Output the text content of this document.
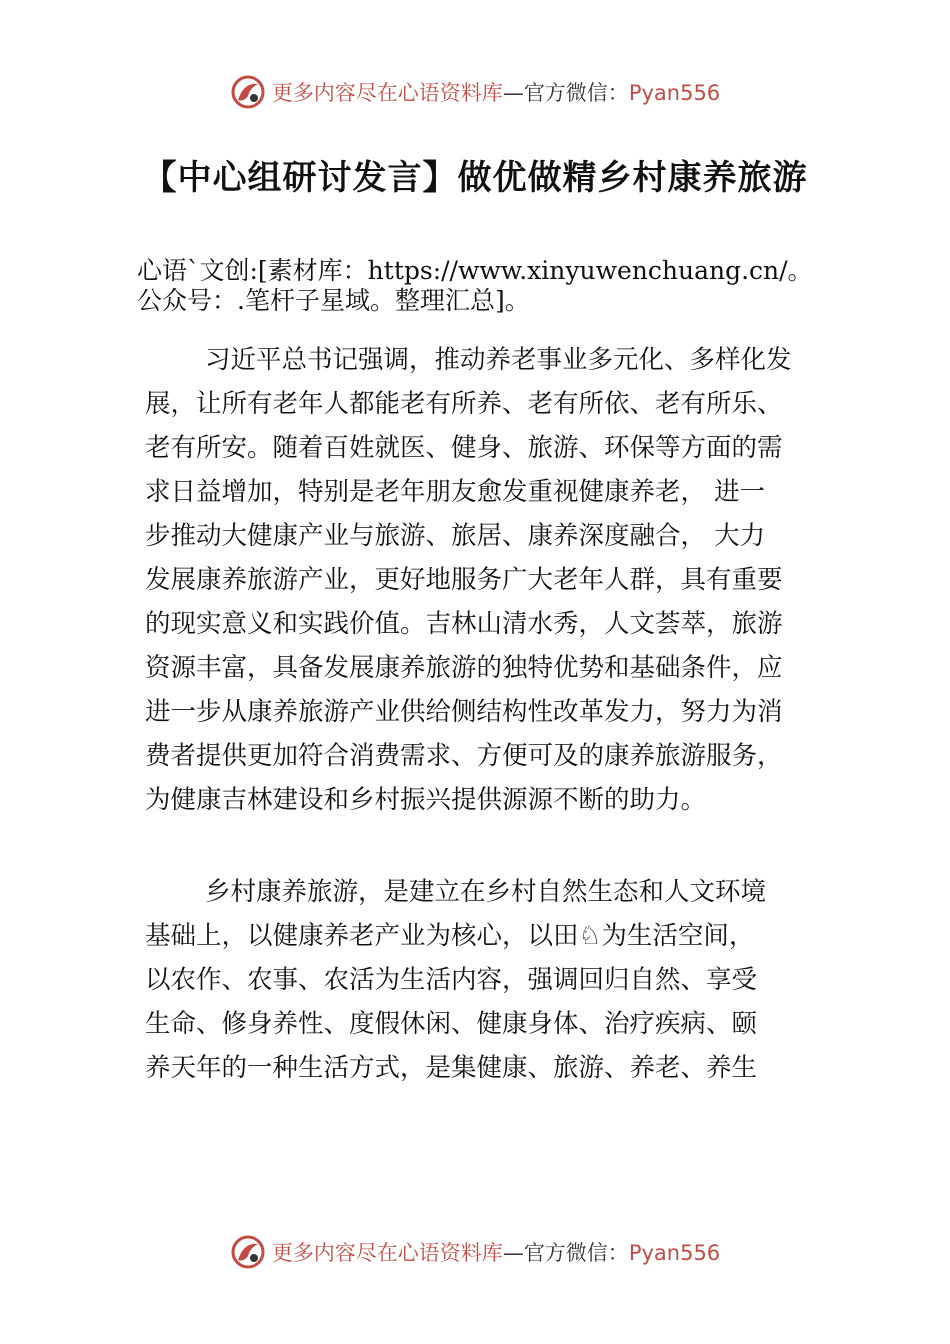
更多内容尽在心语资料库—官方微信：Pyan556
【中心组研讨发言】做优做精乡村康养旅游
心语`文创:[素材库：https://www.xinyuwenchuang.cn/。
公众号：.笔杆子星域。整理汇总]。
习近平总书记强调，推动养老事业多元化、多样化发
展，让所有老年人都能老有所养、老有所依、老有所乐、
老有所安。随着百姓就医、健身、旅游、环保等方面的需
求日益增加，特别是老年朋友愈发重视健康养老， 进一
步推动大健康产业与旅游、旅居、康养深度融合， 大力
发展康养旅游产业，更好地服务广大老年人群，具有重要
的现实意义和实践价值。吉林山清水秀，人文荟萃，旅游
资源丰富，具备发展康养旅游的独特优势和基础条件，应
进一步从康养旅游产业供给侧结构性改革发力，努力为消
费者提供更加符合消费需求、方便可及的康养旅游服务，
为健康吉林建设和乡村振兴提供源源不断的助力。
乡村康养旅游，是建立在乡村自然生态和人文环境
基础上，以健康养老产业为核心，以田♘为生活空间，
以农作、农事、农活为生活内容，强调回归自然、享受
生命、修身养性、度假休闲、健康身体、治疗疾病、颐
养天年的一种生活方式，是集健康、旅游、养老、养生
更多内容尽在心语资料库—官方微信：Pyan556
